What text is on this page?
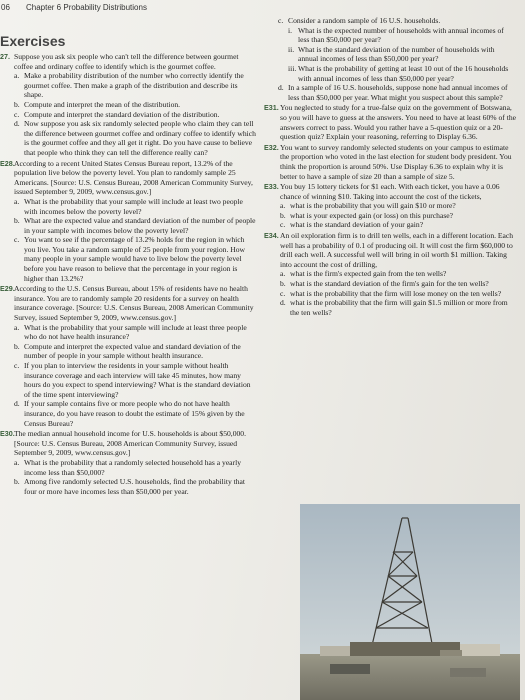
06 Chapter 6 Probability Distributions
Exercises
27. Suppose you ask six people who can't tell the difference between gourmet coffee and ordinary coffee to identify which is the gourmet coffee.
a. Make a probability distribution of the number who correctly identify the gourmet coffee. Then make a graph of the distribution and describe its shape.
b. Compute and interpret the mean of the distribution.
c. Compute and interpret the standard deviation of the distribution.
d. Now suppose you ask six randomly selected people who claim they can tell the difference between gourmet coffee and ordinary coffee to identify which is the gourmet coffee and they all get it right. Do you have cause to believe that people who think they can tell the difference really can?
E28. According to a recent United States Census Bureau report, 13.2% of the population live below the poverty level. You plan to randomly sample 25 Americans. [Source: U.S. Census Bureau, 2008 American Community Survey, issued September 9, 2009, www.census.gov.]
a. What is the probability that your sample will include at least two people with incomes below the poverty level?
b. What are the expected value and standard deviation of the number of people in your sample with incomes below the poverty level?
c. You want to see if the percentage of 13.2% holds for the region in which you live. You take a random sample of 25 people from your region. How many people in your sample would have to live below the poverty level before you have reason to believe that the percentage in your region is higher than 13.2%?
E29. According to the U.S. Census Bureau, about 15% of residents have no health insurance. You are to randomly sample 20 residents for a survey on health insurance coverage. [Source: U.S. Census Bureau, 2008 American Community Survey, issued September 9, 2009, www.census.gov.]
a. What is the probability that your sample will include at least three people who do not have health insurance?
b. Compute and interpret the expected value and standard deviation of the number of people in your sample without health insurance.
c. If you plan to interview the residents in your sample without health insurance coverage and each interview will take 45 minutes, how many hours do you expect to spend interviewing? What is the standard deviation of the time spent interviewing?
d. If your sample contains five or more people who do not have health insurance, do you have reason to doubt the estimate of 15% given by the Census Bureau?
E30. The median annual household income for U.S. households is about $50,000. [Source: U.S. Census Bureau, 2008 American Community Survey, issued September 9, 2009, www.census.gov.]
a. What is the probability that a randomly selected household has a yearly income less than $50,000?
b. Among five randomly selected U.S. households, find the probability that four or more have incomes less than $50,000 per year.
c. Consider a random sample of 16 U.S. households.
i. What is the expected number of households with annual incomes of less than $50,000 per year?
ii. What is the standard deviation of the number of households with annual incomes of less than $50,000 per year?
iii. What is the probability of getting at least 10 out of the 16 households with annual incomes of less than $50,000 per year?
d. In a sample of 16 U.S. households, suppose none had annual incomes of less than $50,000 per year. What might you suspect about this sample?
E31. You neglected to study for a true-false quiz on the government of Botswana, so you will have to guess at the answers. You need to have at least 60% of the answers correct to pass. Would you rather have a 5-question quiz or a 20-question quiz? Explain your reasoning, referring to Display 6.36.
E32. You want to survey randomly selected students on your campus to estimate the proportion who voted in the last election for student body president. You think the proportion is around 50%. Use Display 6.36 to explain why it is better to have a sample of size 20 than a sample of size 5.
E33. You buy 15 lottery tickets for $1 each. With each ticket, you have a 0.06 chance of winning $10. Taking into account the cost of the tickets,
a. what is the probability that you will gain $10 or more?
b. what is your expected gain (or loss) on this purchase?
c. what is the standard deviation of your gain?
E34. An oil exploration firm is to drill ten wells, each in a different location. Each well has a probability of 0.1 of producing oil. It will cost the firm $60,000 to drill each well. A successful well will bring in oil worth $1 million. Taking into account the cost of drilling,
a. what is the firm's expected gain from the ten wells?
b. what is the standard deviation of the firm's gain for the ten wells?
c. what is the probability that the firm will lose money on the ten wells?
d. what is the probability that the firm will gain $1.5 million or more from the ten wells?
